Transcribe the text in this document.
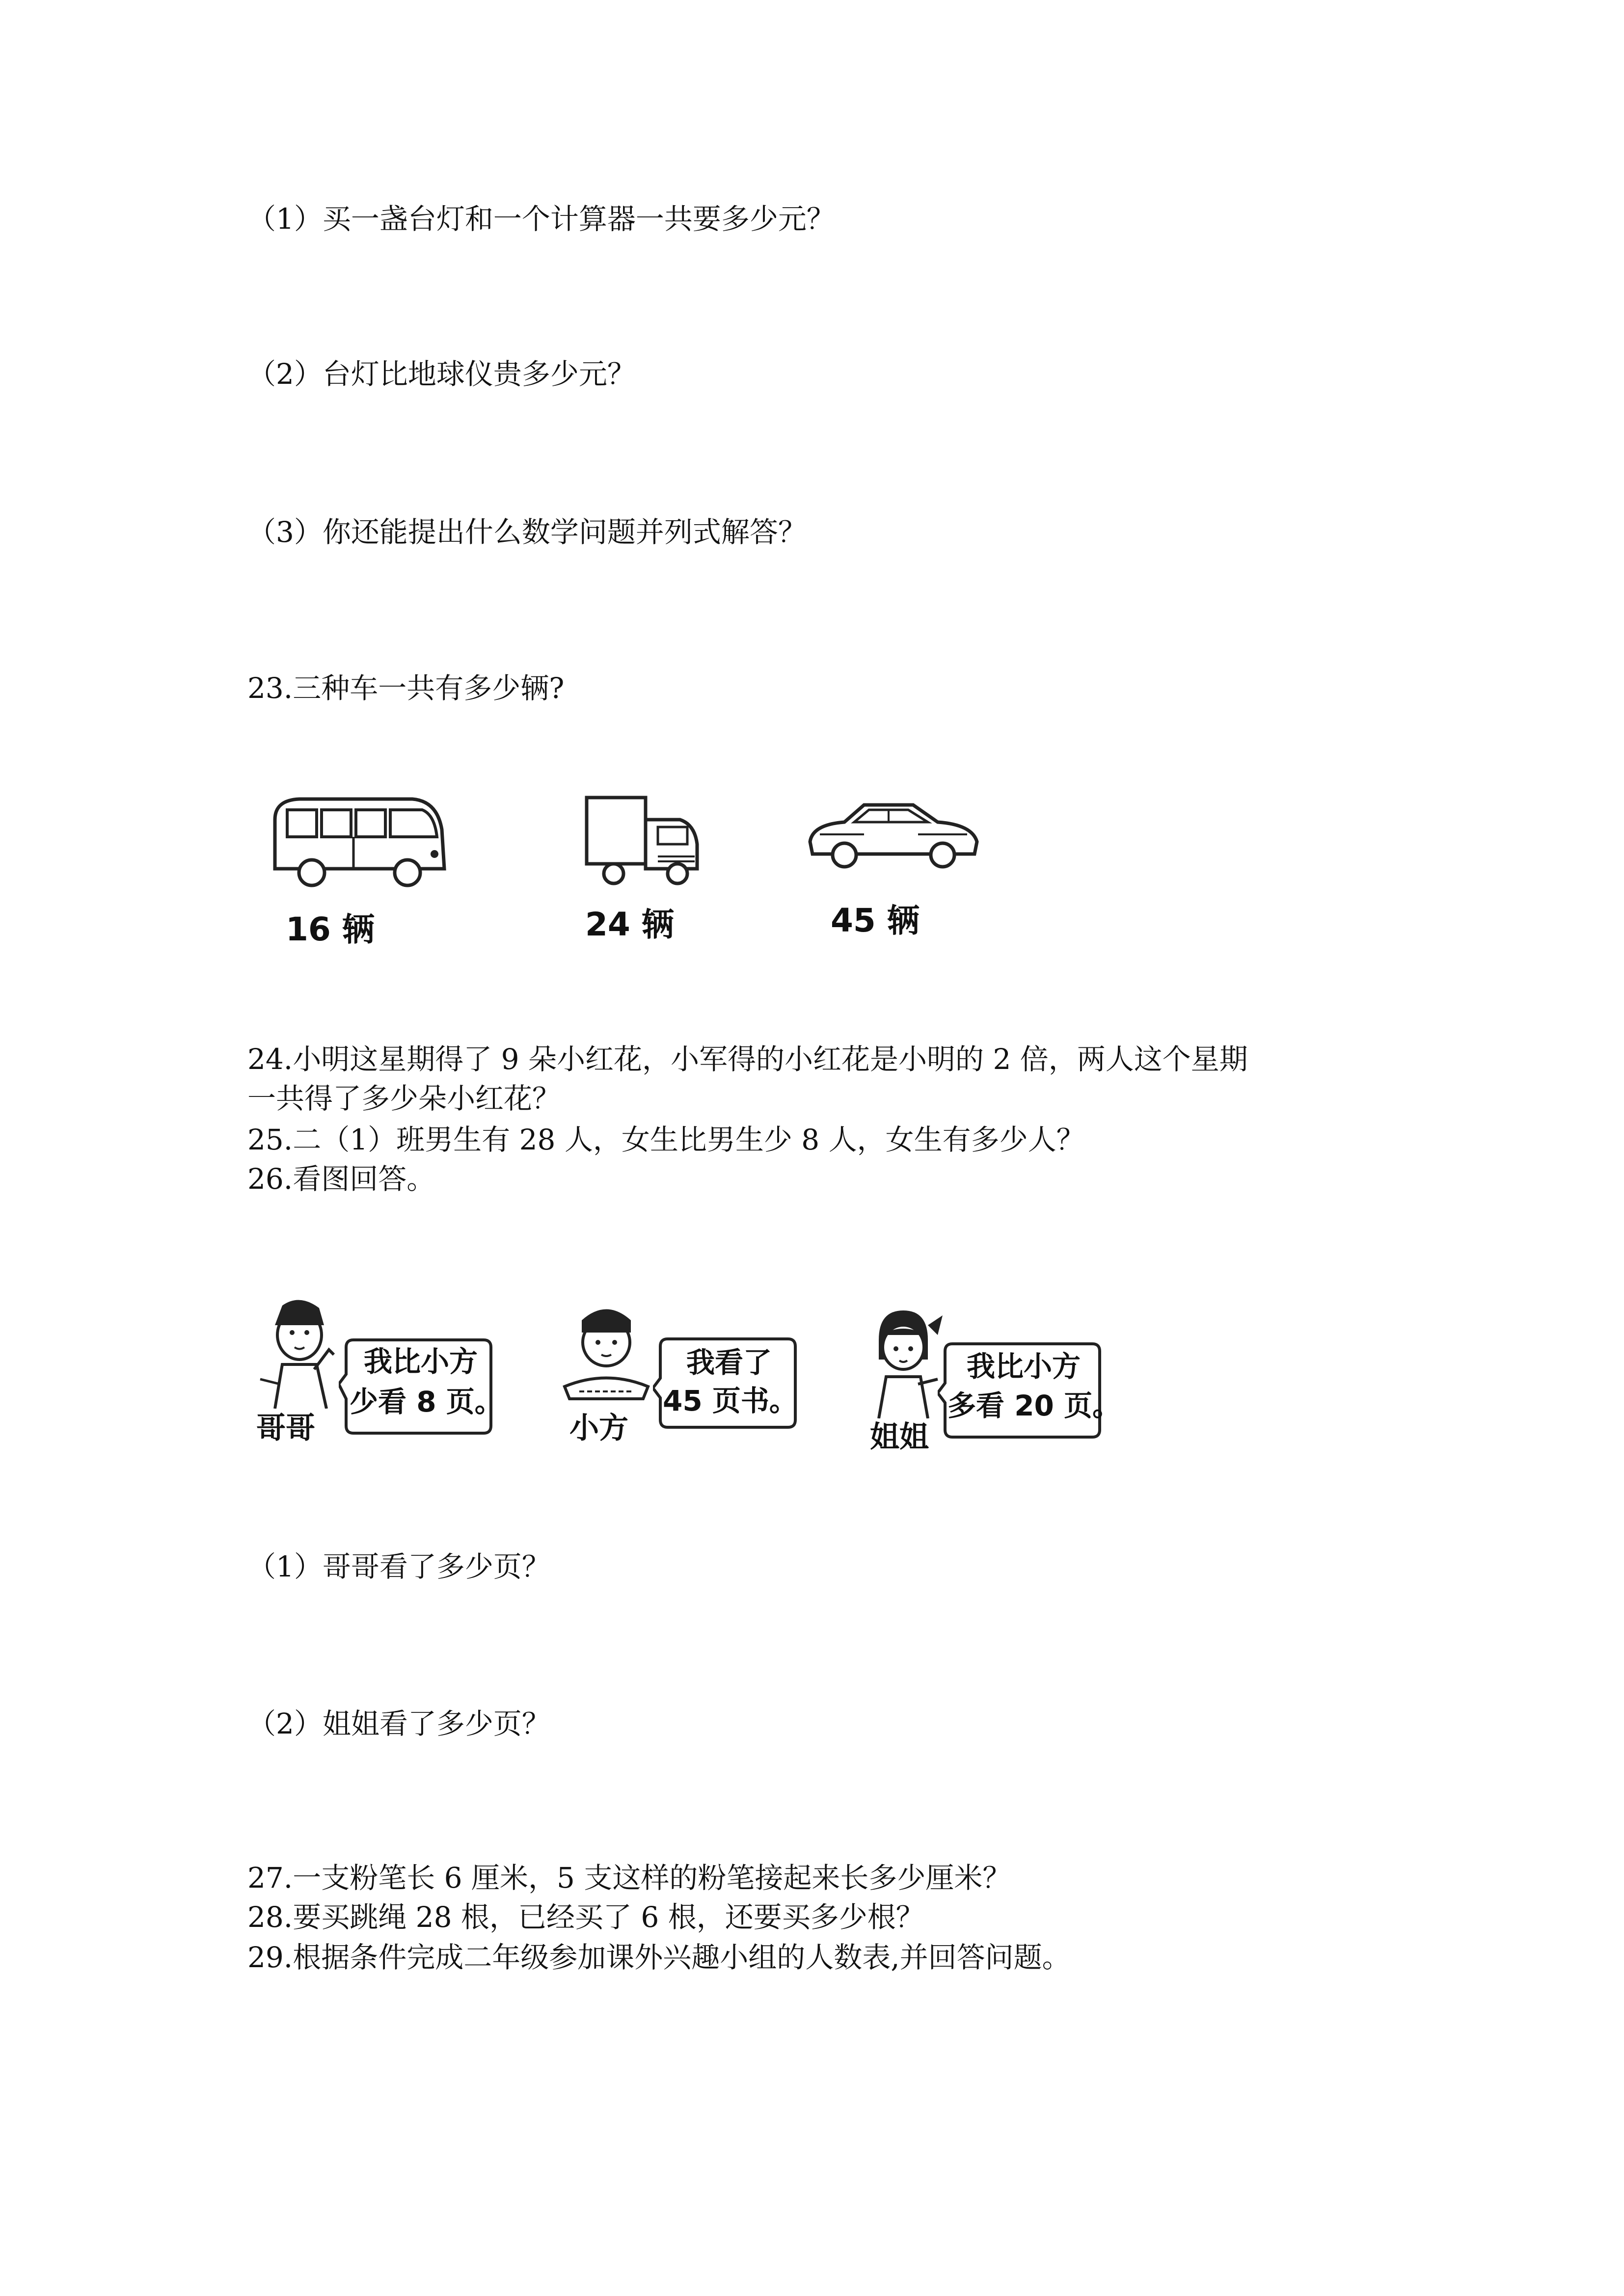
（1）买一盏台灯和一个计算器一共要多少元？
（2）台灯比地球仪贵多少元？
（3）你还能提出什么数学问题并列式解答？
23.三种车一共有多少辆?
16 辆	24 辆	45 辆
24.小明这星期得了 9 朵小红花，小军得的小红花是小明的 2 倍，两人这个星期
一共得了多少朵小红花？
25.二（1）班男生有 28 人，女生比男生少 8 人，女生有多少人？
26.看图回答。
我比小方
少看 8 页。
哥哥
我看了
45 页书。
小方
我比小方
多看 20 页。
姐姐
（1）哥哥看了多少页？
（2）姐姐看了多少页？
27.一支粉笔长 6 厘米，5 支这样的粉笔接起来长多少厘米？
28.要买跳绳 28 根，已经买了 6 根，还要买多少根？
29.根据条件完成二年级参加课外兴趣小组的人数表,并回答问题。
